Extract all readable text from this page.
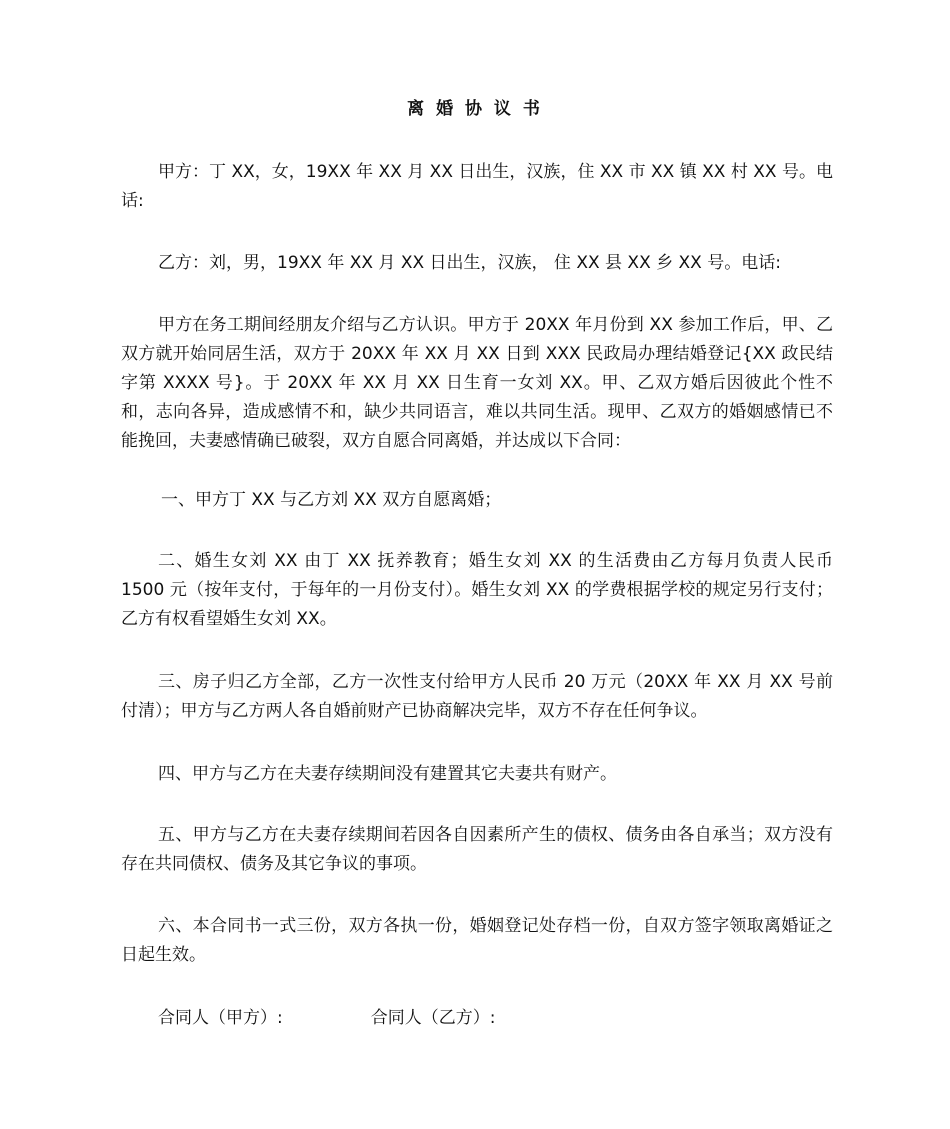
离 婚 协 议 书

甲方：丁 XX，女，19XX 年 XX 月 XX 日出生，汉族，住 XX 市 XX 镇 XX 村 XX 号。电话:

乙方：刘，男，19XX 年 XX 月 XX 日出生，汉族， 住 XX 县 XX 乡 XX 号。电话:

甲方在务工期间经朋友介绍与乙方认识。甲方于 20XX 年月份到 XX 参加工作后，甲、乙双方就开始同居生活，双方于 20XX 年 XX 月 XX 日到 XXX 民政局办理结婚登记{XX 政民结字第 XXXX 号}。于 20XX 年 XX 月 XX 日生育一女刘 XX。甲、乙双方婚后因彼此个性不和，志向各异，造成感情不和，缺少共同语言，难以共同生活。现甲、乙双方的婚姻感情已不能挽回，夫妻感情确已破裂，双方自愿合同离婚，并达成以下合同：

一、甲方丁 XX 与乙方刘 XX 双方自愿离婚；

二、婚生女刘 XX 由丁 XX 抚养教育；婚生女刘 XX 的生活费由乙方每月负责人民币 1500 元（按年支付，于每年的一月份支付）。婚生女刘 XX 的学费根据学校的规定另行支付；乙方有权看望婚生女刘 XX。

三、房子归乙方全部，乙方一次性支付给甲方人民币 20 万元（20XX 年 XX 月 XX 号前付清）；甲方与乙方两人各自婚前财产已协商解决完毕，双方不存在任何争议。

四、甲方与乙方在夫妻存续期间没有建置其它夫妻共有财产。

五、甲方与乙方在夫妻存续期间若因各自因素所产生的债权、债务由各自承当；双方没有存在共同债权、债务及其它争议的事项。

六、本合同书一式三份，双方各执一份，婚姻登记处存档一份，自双方签字领取离婚证之日起生效。

合同人（甲方）:	合同人（乙方）:
